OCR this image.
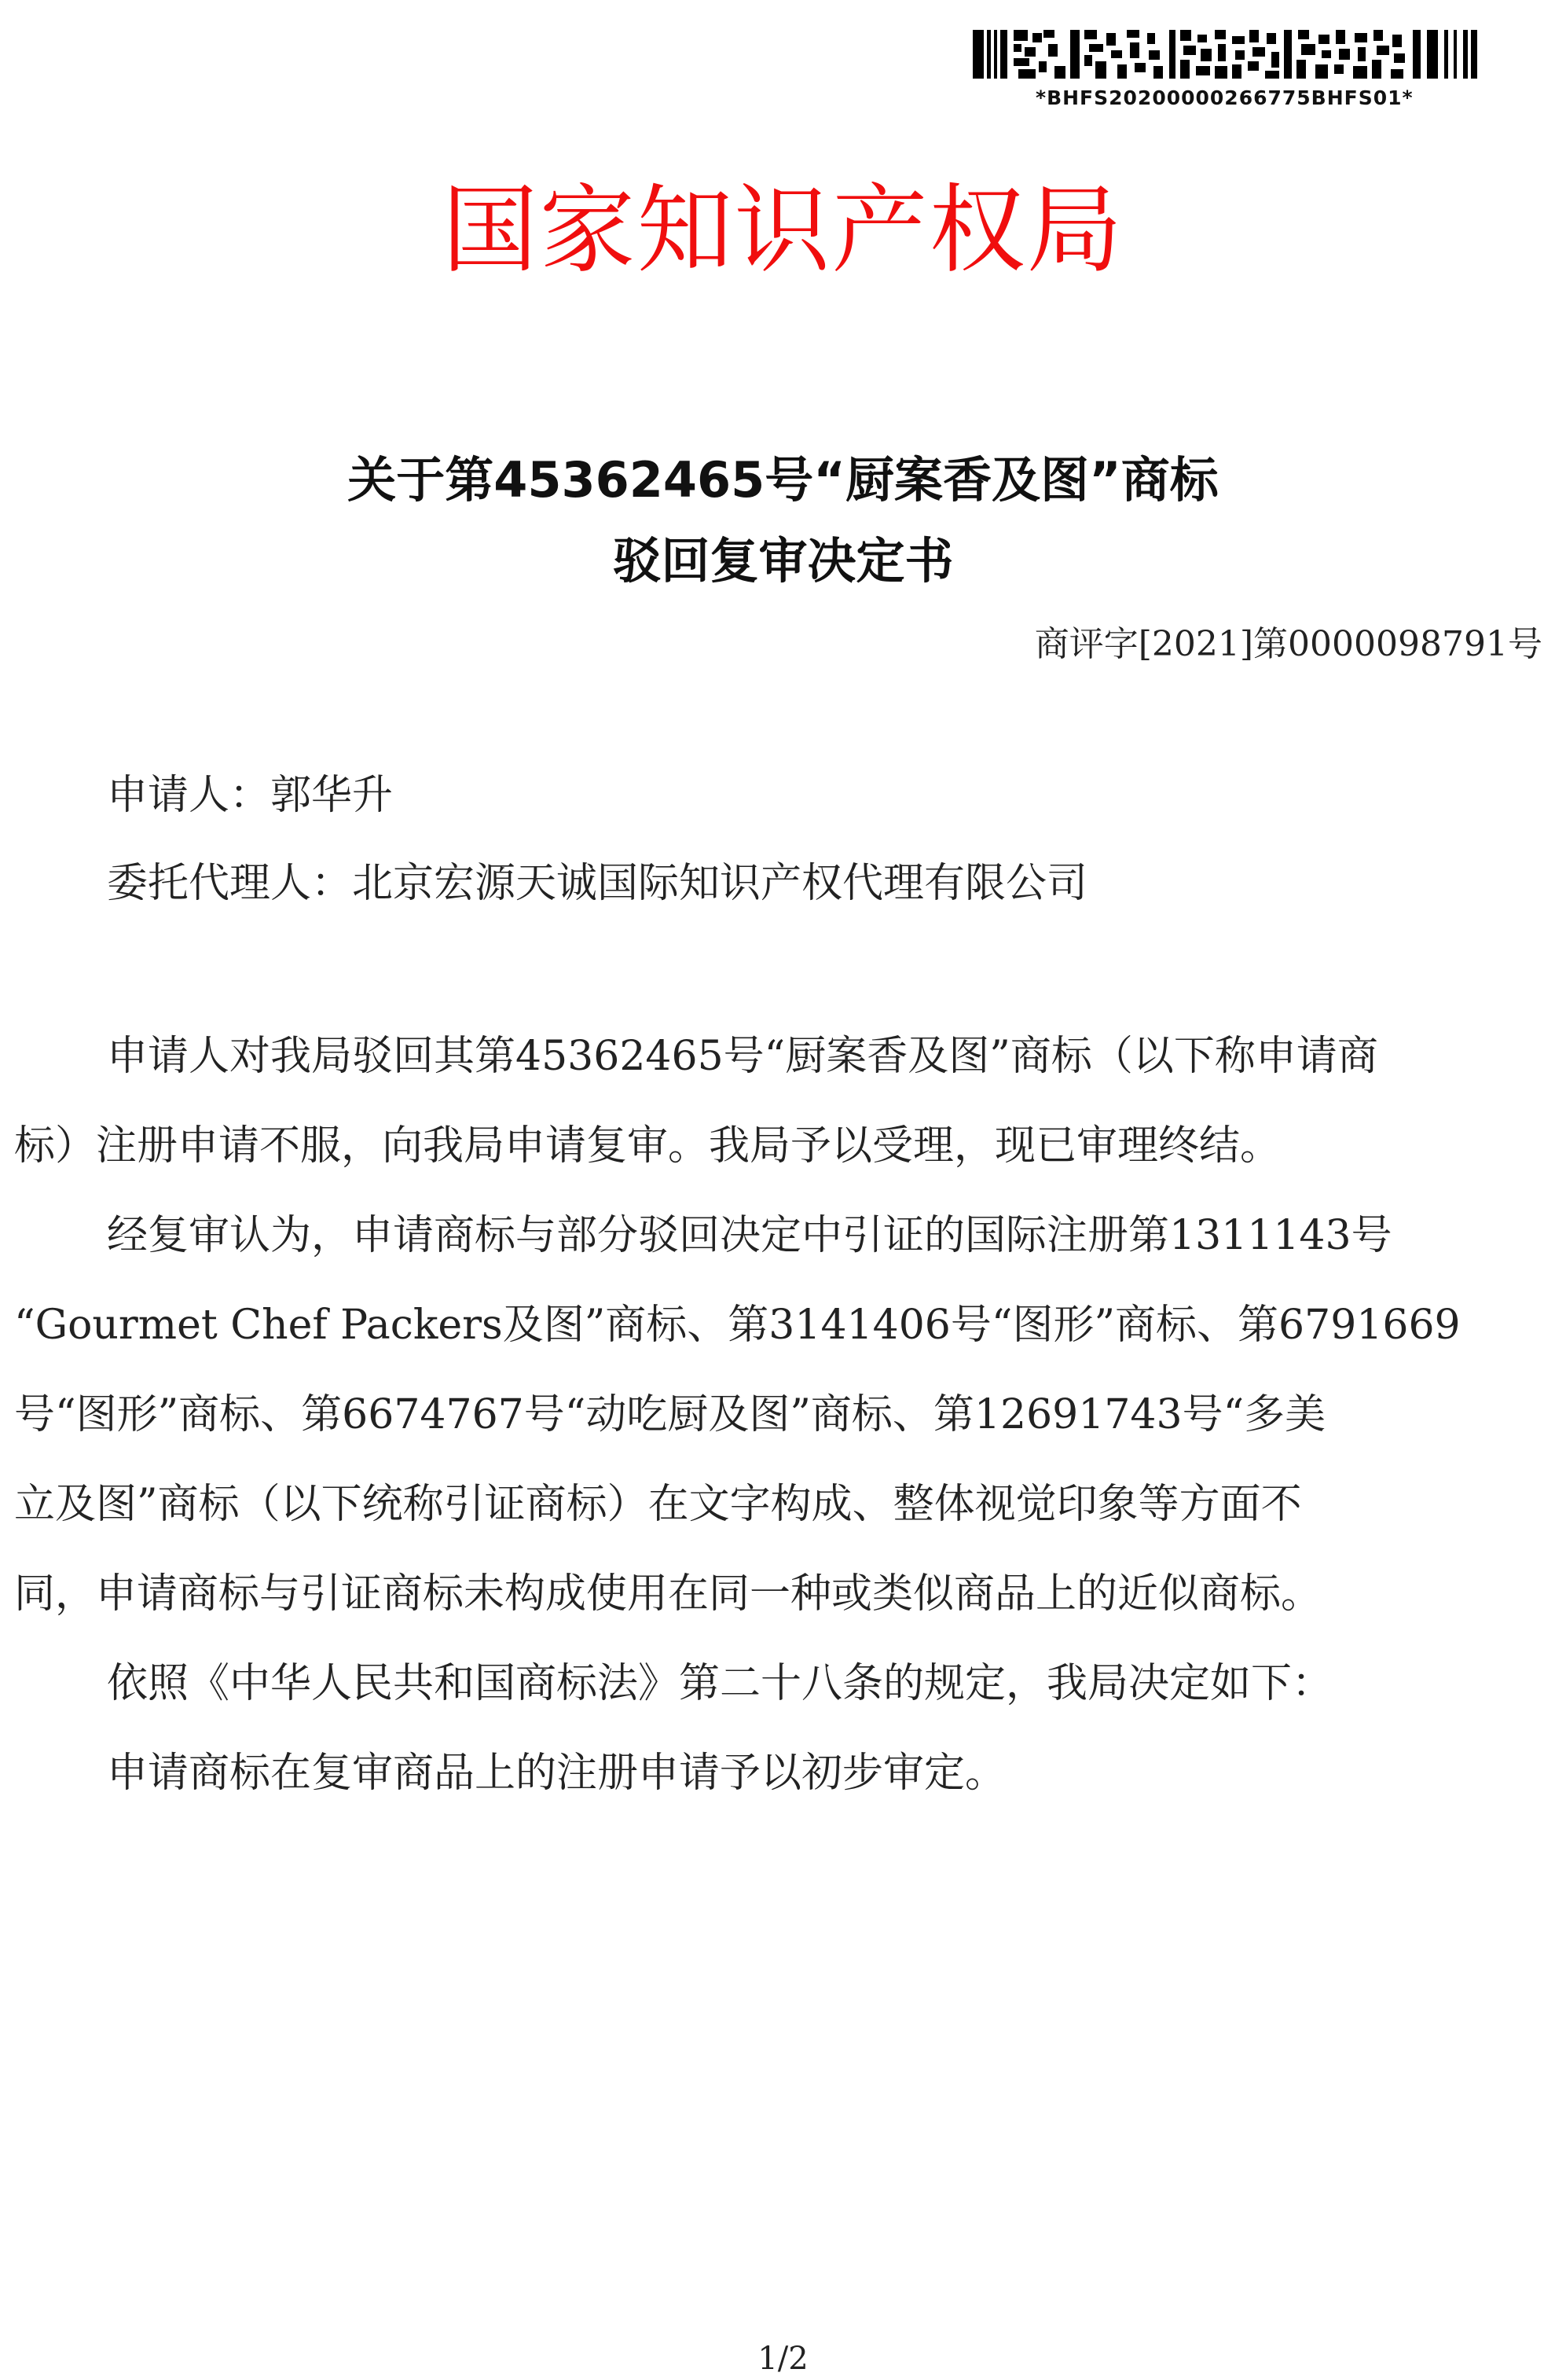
*BHFS20200000266775BHFS01*
国家知识产权局
关于第45362465号“厨案香及图”商标
驳回复审决定书
商评字[2021]第0000098791号
申请人：郭华升
委托代理人：北京宏源天诚国际知识产权代理有限公司
申请人对我局驳回其第45362465号“厨案香及图”商标（以下称申请商
标）注册申请不服，向我局申请复审。我局予以受理，现已审理终结。
经复审认为，申请商标与部分驳回决定中引证的国际注册第1311143号
“Gourmet Chef Packers及图”商标、第3141406号“图形”商标、第6791669
号“图形”商标、第6674767号“动吃厨及图”商标、第12691743号“多美
立及图”商标（以下统称引证商标）在文字构成、整体视觉印象等方面不
同，申请商标与引证商标未构成使用在同一种或类似商品上的近似商标。
依照《中华人民共和国商标法》第二十八条的规定，我局决定如下：
申请商标在复审商品上的注册申请予以初步审定。
1/2
